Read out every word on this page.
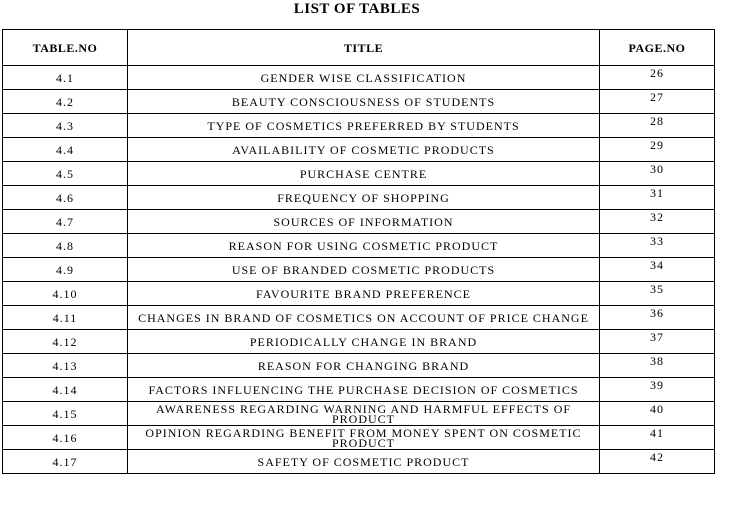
LIST OF TABLES
TABLE.NO	TITLE	PAGE.NO
4.1	GENDER WISE CLASSIFICATION	26
4.2	BEAUTY CONSCIOUSNESS OF STUDENTS	27
4.3	TYPE OF COSMETICS PREFERRED BY STUDENTS	28
4.4	AVAILABILITY OF COSMETIC PRODUCTS	29
4.5	PURCHASE CENTRE	30
4.6	FREQUENCY OF SHOPPING	31
4.7	SOURCES OF INFORMATION	32
4.8	REASON FOR USING COSMETIC PRODUCT	33
4.9	USE OF BRANDED COSMETIC PRODUCTS	34
4.10	FAVOURITE BRAND PREFERENCE	35
4.11	CHANGES IN BRAND OF COSMETICS ON ACCOUNT OF PRICE CHANGE	36
4.12	PERIODICALLY CHANGE IN BRAND	37
4.13	REASON FOR CHANGING BRAND	38
4.14	FACTORS INFLUENCING THE PURCHASE DECISION OF COSMETICS	39
4.15	AWARENESS REGARDING WARNING AND HARMFUL EFFECTS OF PRODUCT	40
4.16	OPINION REGARDING BENEFIT FROM MONEY SPENT ON COSMETIC PRODUCT	41
4.17	SAFETY OF COSMETIC PRODUCT	42
